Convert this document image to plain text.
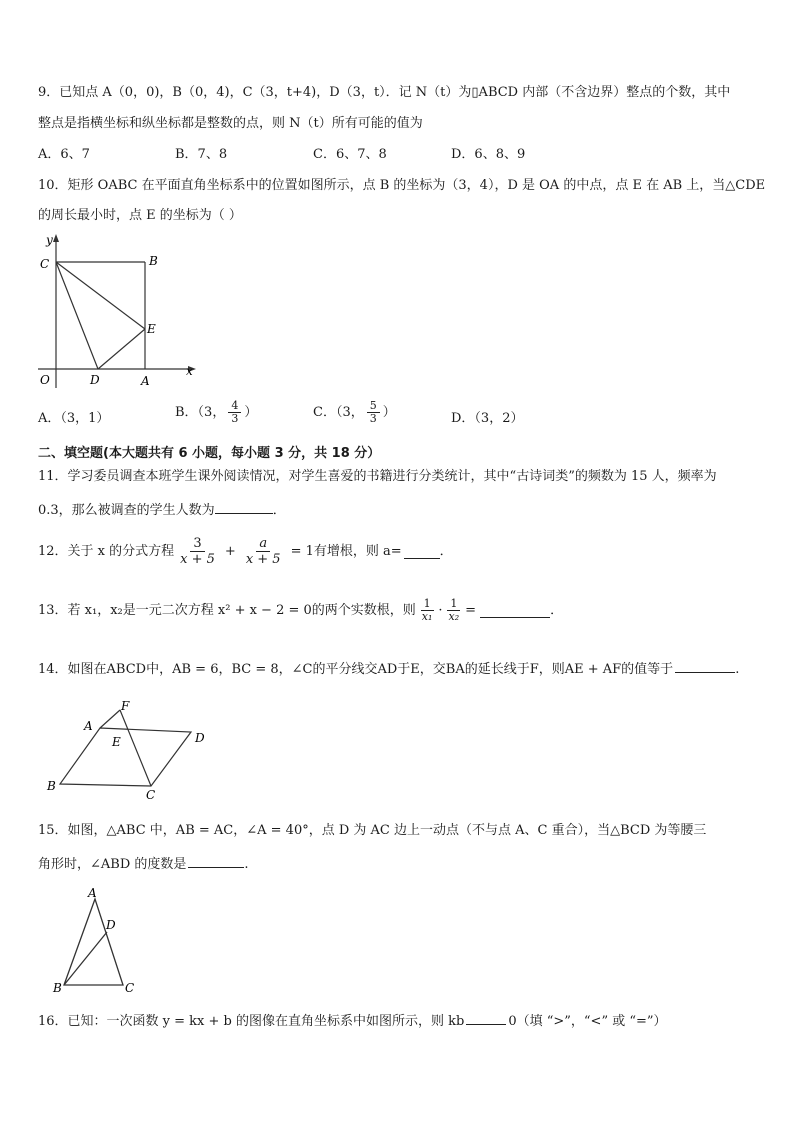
9．已知点 A（0，0)，B（0，4)，C（3，t+4)，D（3，t）．记 N（t）为▯ABCD 内部（不含边界）整点的个数，其中
整点是指横坐标和纵坐标都是整数的点，则 N（t）所有可能的值为
A．6、7	B．7、8	C．6、7、8	D．6、8、9
10．矩形 OABC 在平面直角坐标系中的位置如图所示，点 B 的坐标为（3，4），D 是 OA 的中点，点 E 在 AB 上，当△CDE
的周长最小时，点 E 的坐标为（ ）
y
x
O
C	B
E
D	A
A．（3，1）	B．（3， $\frac{4}{3}$ ）	C．（3， $\frac{5}{3}$ ）	D．（3，2）
二、填空题(本大题共有 6 小题，每小题 3 分，共 18 分）
11．学习委员调查本班学生课外阅读情况，对学生喜爱的书籍进行分类统计，其中“古诗词类”的频数为 15 人，频率为
0.3，那么被调查的学生人数为	．
12．关于 x 的分式方程 $\frac{3}{x + 5} + \frac{a}{x + 5} = 1$有增根，则 a=	．
13．若 x₁，x₂是一元二次方程 x² + x − 2 = 0的两个实数根，则 $\frac{1}{\text{x₁}} \cdot \frac{1}{\text{x₂}}$ =	．
14．如图在ABCD中，AB = 6，BC = 8，∠C的平分线交AD于E，交BA的延长线于F，则AE + AF的值等于	.
F
A
E	D
B
C
15．如图，△ABC 中，AB = AC，∠A = 40°，点 D 为 AC 边上一动点（不与点 A、C 重合），当△BCD 为等腰三
角形时，∠ABD 的度数是	.
A
D
B	C
16．已知：一次函数 y = kx + b 的图像在直角坐标系中如图所示，则 kb	0（填 “>”，“<” 或 “=”）
